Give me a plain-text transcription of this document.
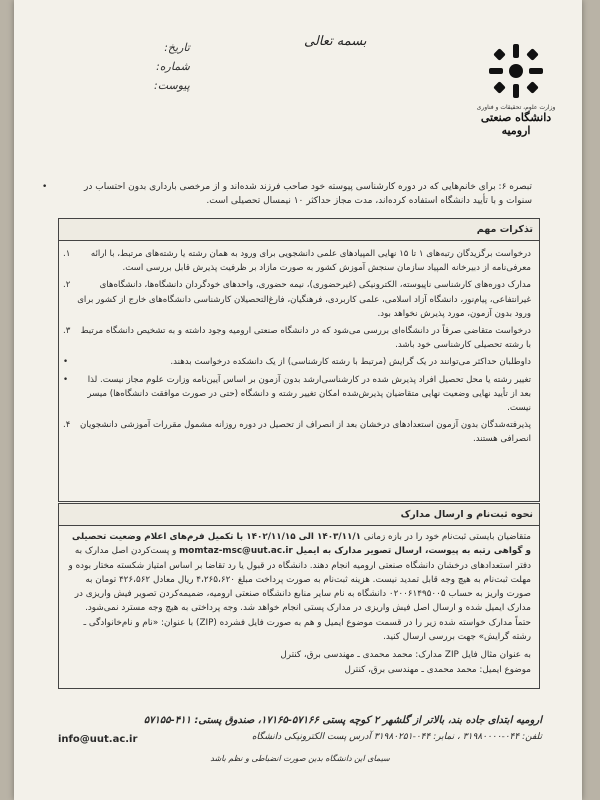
بسمه تعالی
تاریخ:
شماره:
پیوست:
وزارت علوم، تحقیقات و فناوری
دانشگاه صنعتی ارومیه
•	تبصره ۶: برای خانم‌هایی که در دوره کارشناسی پیوسته خود صاحب فرزند شده‌اند و از مرخصی بارداری بدون احتساب در سنوات و با تأیید دانشگاه استفاده کرده‌اند، مدت مجاز حداکثر ۱۰ نیمسال تحصیلی است.
تذکرات مهم
۱. درخواست برگزیدگان رتبه‌های ۱ تا ۱۵ نهایی المپیادهای علمی دانشجویی برای ورود به همان رشته یا رشته‌های مرتبط، با ارائه معرفی‌نامه از دبیرخانه المپیاد سازمان سنجش آموزش کشور به صورت مازاد بر ظرفیت پذیرش قابل بررسی است.
۲.	مدارک دوره‌های کارشناسی ناپیوسته، الکترونیکی (غیرحضوری)، نیمه حضوری، واحدهای خودگردان دانشگاه‌ها، دانشگاه‌های غیرانتفاعی، پیام‌نور، دانشگاه آزاد اسلامی، علمی کاربردی، فرهنگیان، فارغ‌التحصیلان کارشناسی دانشگاه‌های خارج از کشور برای ورود بدون آزمون، مورد پذیرش نخواهد بود.
۳. درخواست متقاضی صرفاً در دانشگاه‌ای بررسی می‌شود که در دانشگاه صنعتی ارومیه وجود داشته و به تشخیص دانشگاه مرتبط با رشته تحصیلی کارشناسی خود باشد.
•	داوطلبان حداکثر می‌توانند در یک گرایش (مرتبط با رشته کارشناسی) از یک دانشکده درخواست بدهند.
• تغییر رشته یا محل تحصیل افراد پذیرش شده در کارشناسی‌ارشد بدون آزمون بر اساس آیین‌نامه وزارت علوم مجاز نیست. لذا بعد از تأیید نهایی وضعیت نهایی متقاضیان پذیرش‌شده امکان تغییر رشته و دانشگاه (حتی در صورت موافقت دانشگاه‌ها) میسر نیست.
۴. پذیرفته‌شدگان بدون آزمون استعدادهای درخشان بعد از انصراف از تحصیل در دوره روزانه مشمول مقررات آموزشی دانشجویان انصرافی هستند.
نحوه ثبت‌نام و ارسال مدارک
متقاضیان بایستی ثبت‌نام خود را در بازه زمانی ۱۴۰۳/۱۱/۱ الی ۱۴۰۲/۱۱/۱۵ با تکمیل فرم‌های اعلام وضعیت تحصیلی و گواهی رتبه به پیوست، ارسال تصویر مدارک به ایمیل momtaz-msc@uut.ac.ir و پست‌کردن اصل مدارک به دفتر استعدادهای درخشان دانشگاه صنعتی ارومیه انجام دهند. دانشگاه در قبول یا رد تقاضا بر اساس امتیاز شکسته مختار بوده و مهلت ثبت‌نام به هیچ وجه قابل تمدید نیست. هزینه ثبت‌نام به صورت پرداخت مبلغ ۴،۲۶۵،۶۲۰ ریال معادل ۴۲۶،۵۶۲ تومان به صورت واریز به حساب ۰۲۰۰۶۱۴۹۵۰۰۵ دانشگاه به نام سایر منابع دانشگاه صنعتی ارومیه، ضمیمه‌کردن تصویر فیش واریزی در مدارک ایمیل شده و ارسال اصل فیش واریزی در مدارک پستی انجام خواهد شد. وجه پرداختی به هیچ وجه مسترد نمی‌شود. حتماً مدارک خواسته شده زیر را در قسمت موضوع ایمیل و هم به صورت فایل فشرده (ZIP) با عنوان: «نام و نام‌خانوادگی ـ رشته گرایش» جهت بررسی ارسال کنید.
به عنوان مثال فایل ZIP مدارک: محمد محمدی ـ مهندسی برق، کنترل
موضوع ایمیل: محمد محمدی ـ مهندسی برق، کنترل
ارومیه ابتدای جاده بند، بالاتر از گلشهر ۲ کوچه پستی ۵۷۱۶۶-۱۷۱۶۵، صندوق پستی: ۴۱۱-۵۷۱۵۵
تلفن: ۰۴۴-۳۱۹۸۰۰۰۰ ، نمابر: ۰۴۴-۳۱۹۸۰۲۵۱ آدرس پست الکترونیکی دانشگاه
info@uut.ac.ir
سیمای این دانشگاه بدین صورت انضباطی و نظم باشد
